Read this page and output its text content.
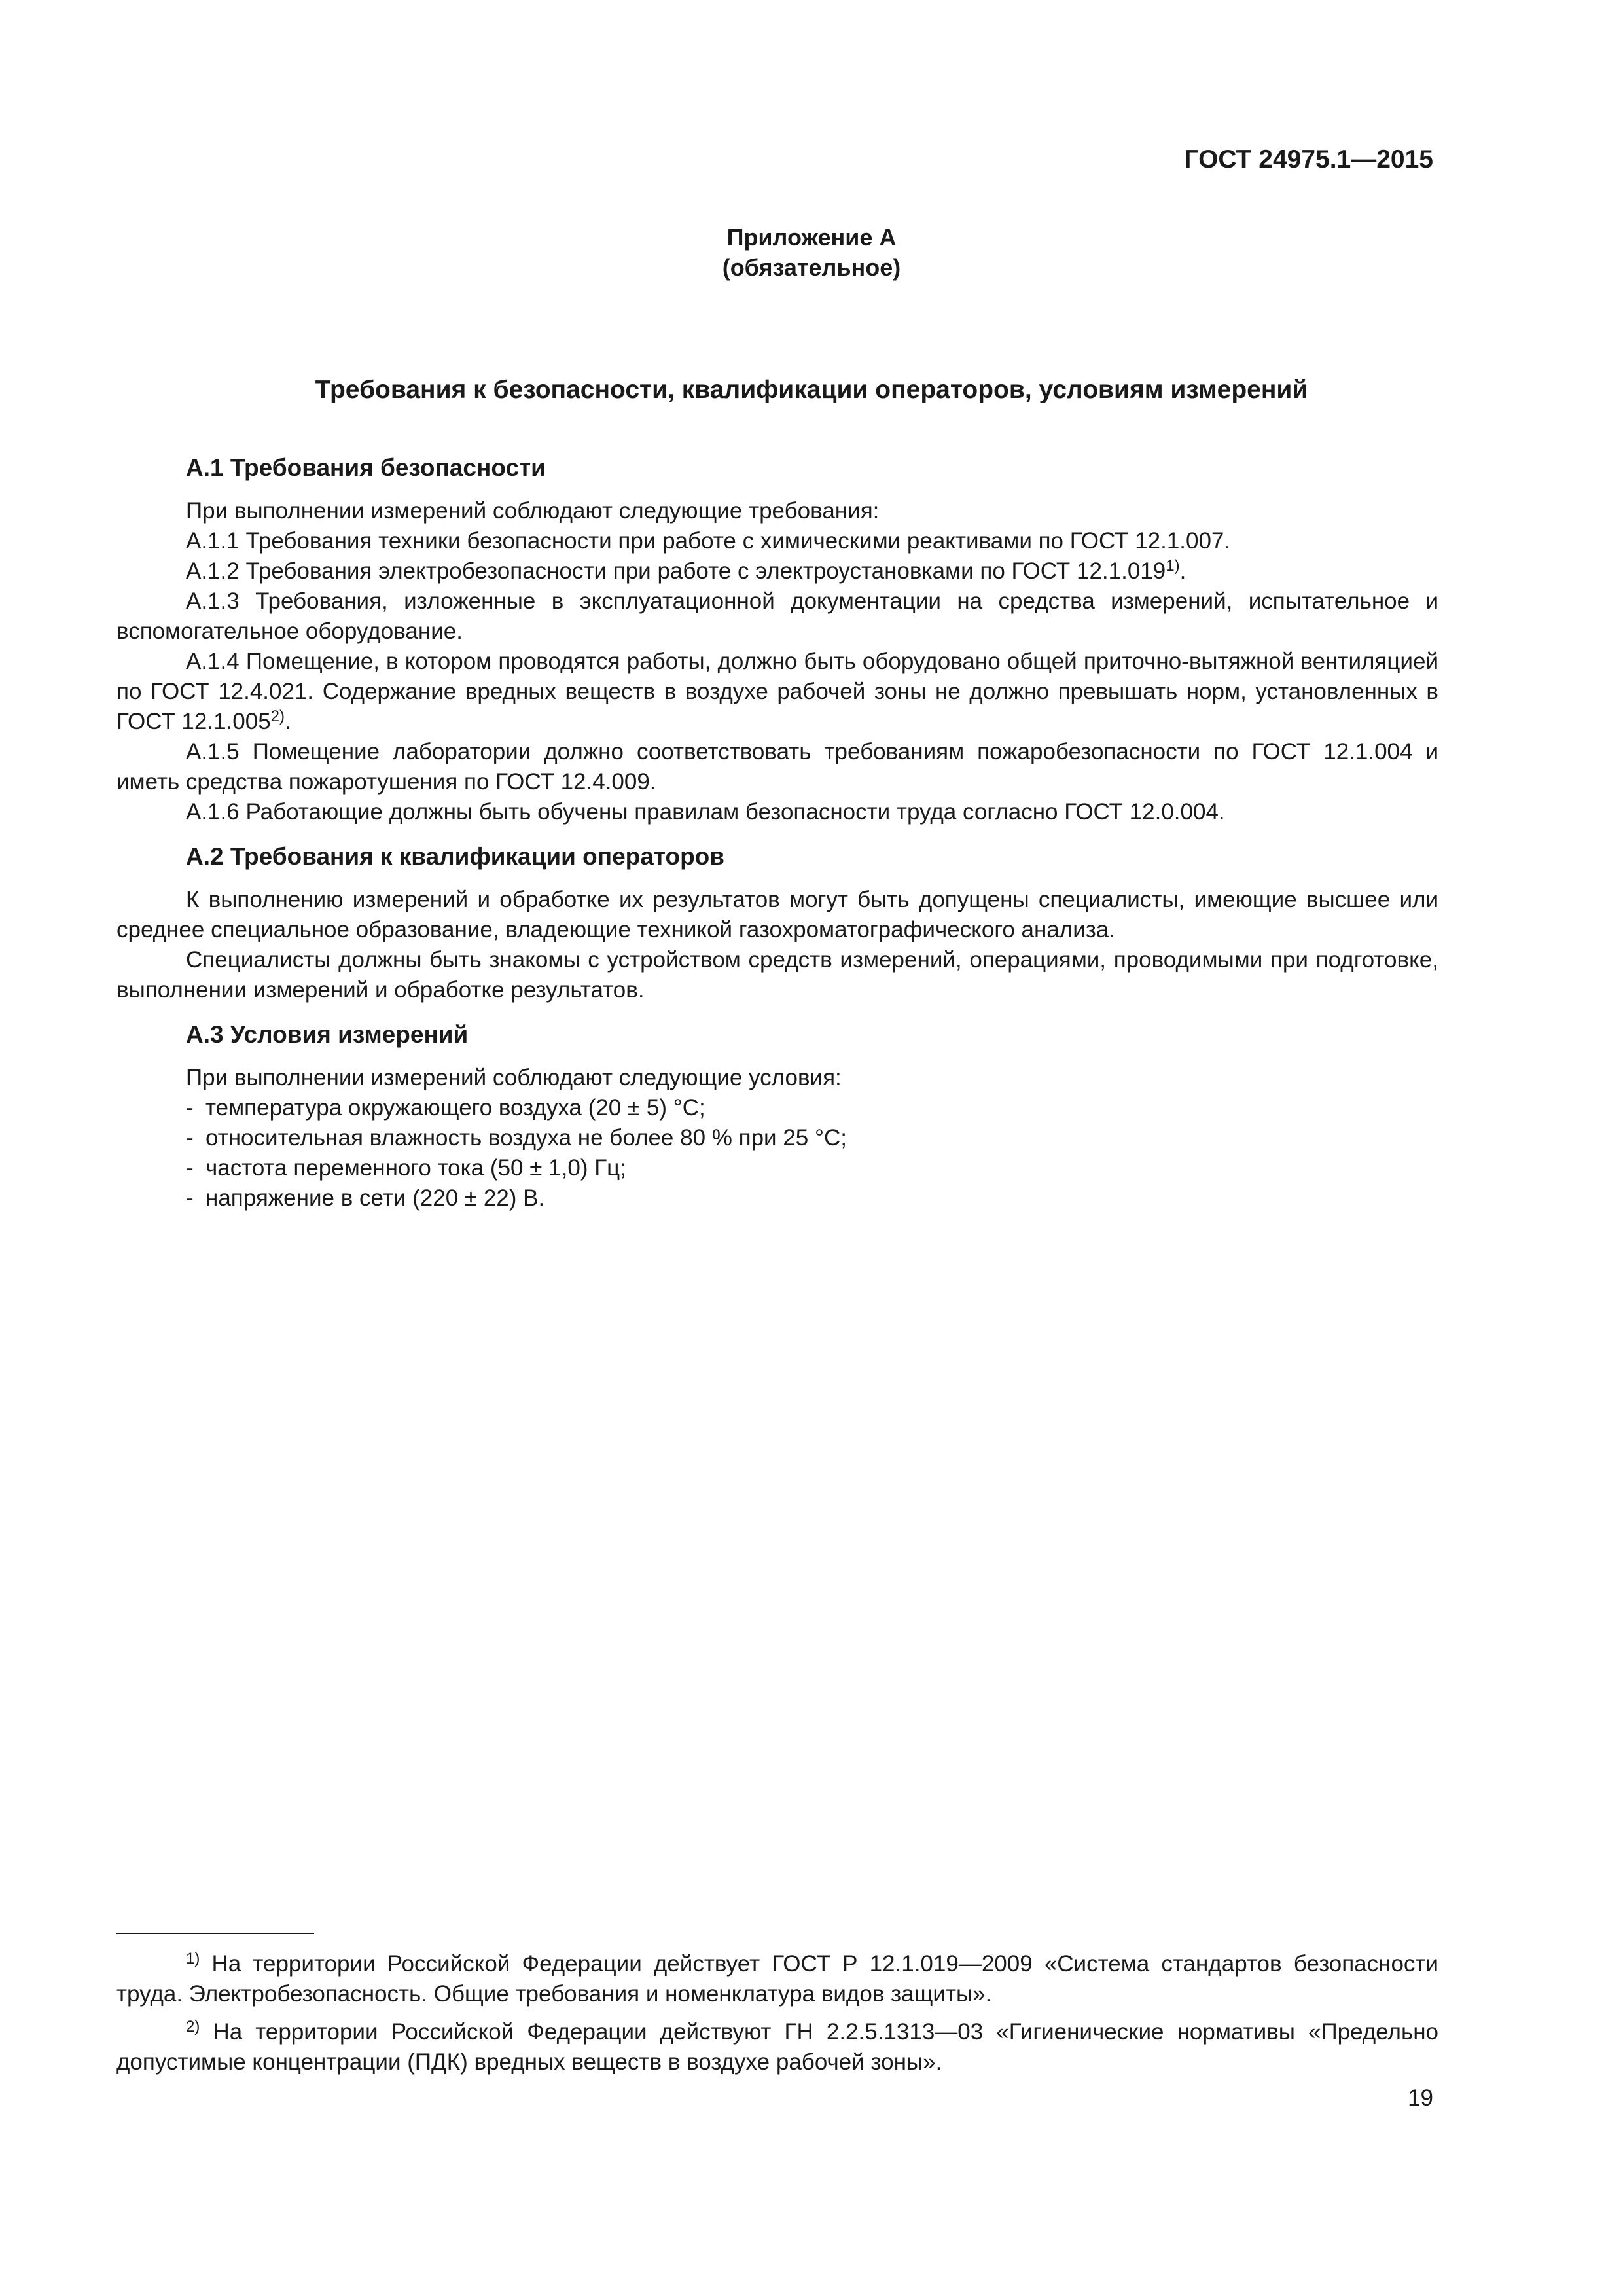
ГОСТ 24975.1—2015
Приложение А
(обязательное)
Требования к безопасности, квалификации операторов, условиям измерений
А.1 Требования безопасности

При выполнении измерений соблюдают следующие требования:

А.1.1 Требования техники безопасности при работе с химическими реактивами по ГОСТ 12.1.007.

А.1.2 Требования электробезопасности при работе с электроустановками по ГОСТ 12.1.019$^{1)}$.

А.1.3 Требования, изложенные в эксплуатационной документации на средства измерений, испытательное и вспомогательное оборудование.

А.1.4 Помещение, в котором проводятся работы, должно быть оборудовано общей приточно-вытяжной вентиляцией по ГОСТ 12.4.021. Содержание вредных веществ в воздухе рабочей зоны не должно превышать норм, установленных в ГОСТ 12.1.005$^{2)}$.

А.1.5 Помещение лаборатории должно соответствовать требованиям пожаробезопасности по ГОСТ 12.1.004 и иметь средства пожаротушения по ГОСТ 12.4.009.

А.1.6 Работающие должны быть обучены правилам безопасности труда согласно ГОСТ 12.0.004.

А.2 Требования к квалификации операторов

К выполнению измерений и обработке их результатов могут быть допущены специалисты, имеющие высшее или среднее специальное образование, владеющие техникой газохроматографического анализа.

Специалисты должны быть знакомы с устройством средств измерений, операциями, проводимыми при подготовке, выполнении измерений и обработке результатов.

А.3 Условия измерений

При выполнении измерений соблюдают следующие условия:

- температура окружающего воздуха (20 ± 5) °С;

- относительная влажность воздуха не более 80 % при 25 °С;

- частота переменного тока (50 ± 1,0) Гц;

- напряжение в сети (220 ± 22) В.

$^{1)}$ На территории Российской Федерации действует ГОСТ Р 12.1.019—2009 «Система стандартов безопасности труда. Электробезопасность. Общие требования и номенклатура видов защиты».

$^{2)}$ На территории Российской Федерации действуют ГН 2.2.5.1313—03 «Гигиенические нормативы «Предельно допустимые концентрации (ПДК) вредных веществ в воздухе рабочей зоны».

19
